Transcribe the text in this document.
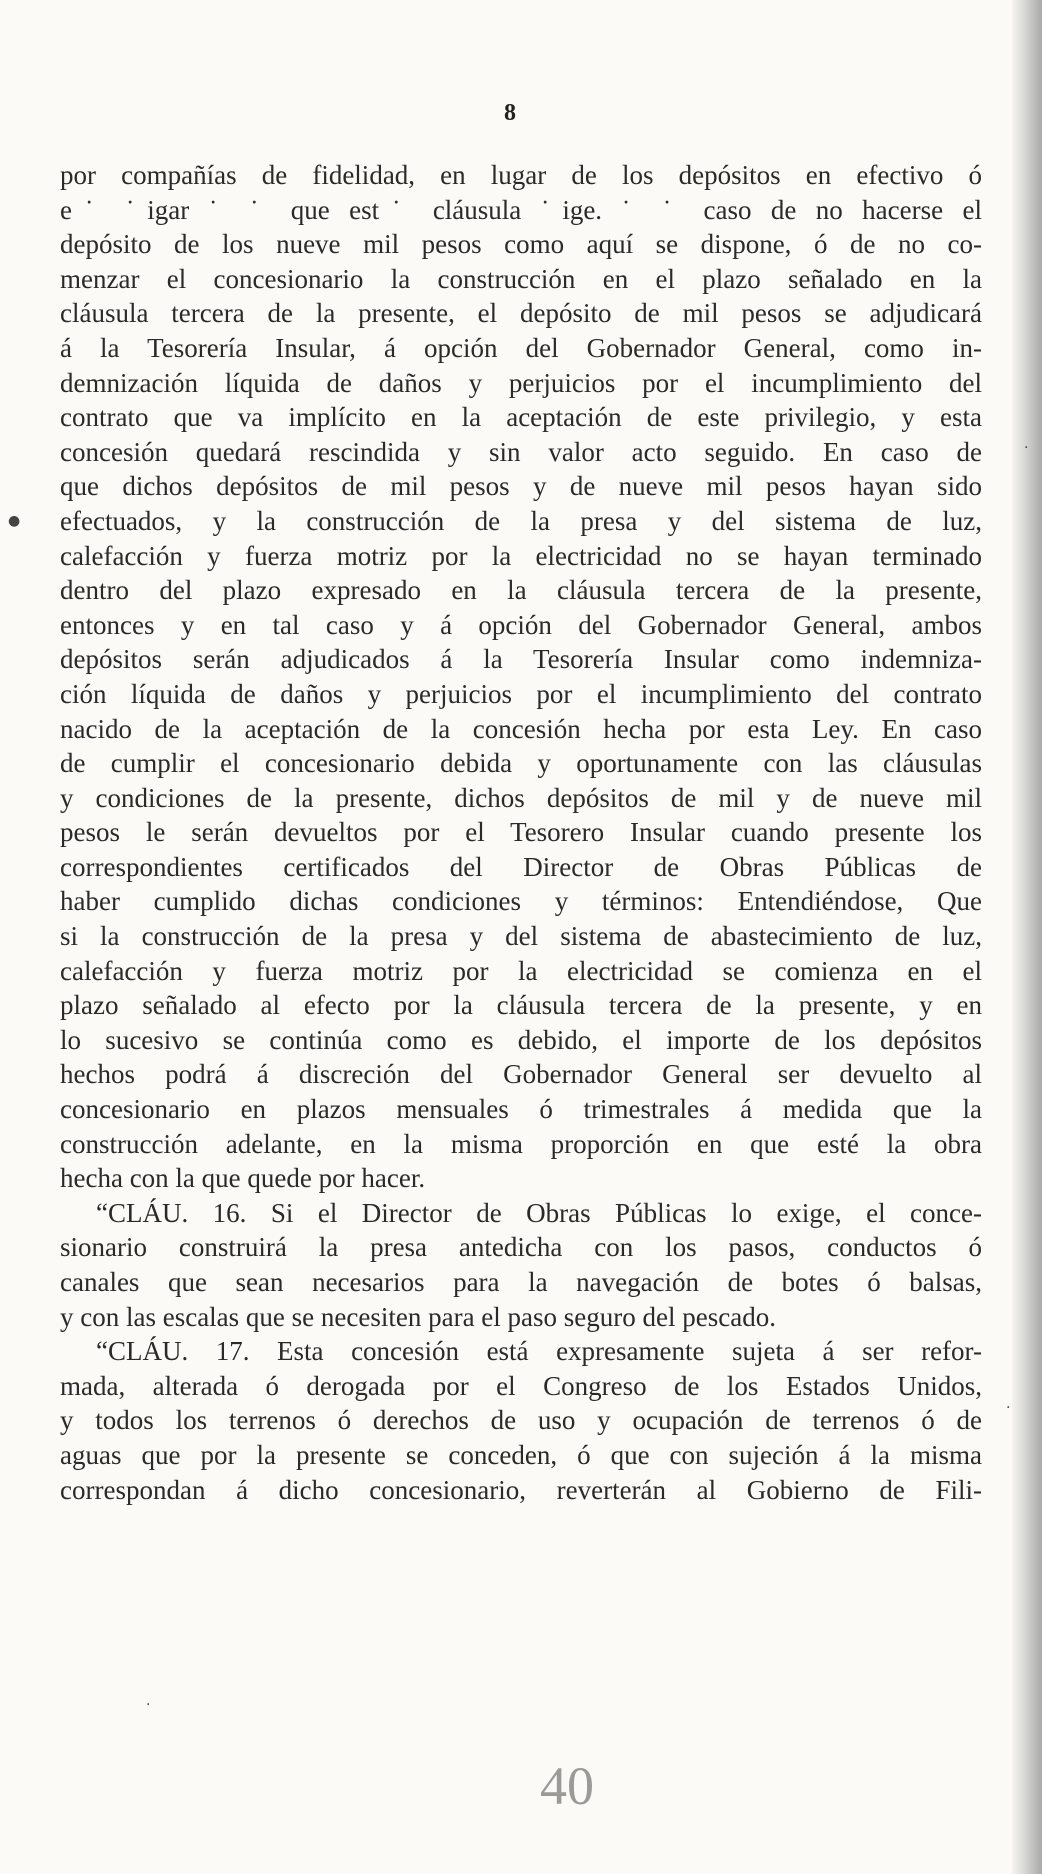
8
por compañías de fidelidad, en lugar de los depósitos en efectivo ó
e˙ ˙igar ˙ ˙ que est˙ cláusula ˙ige. ˙ ˙ caso de no hacerse el
depósito de los nueve mil pesos como aquí se dispone, ó de no co-
menzar el concesionario la construcción en el plazo señalado en la
cláusula tercera de la presente, el depósito de mil pesos se adjudicará
á la Tesorería Insular, á opción del Gobernador General, como in-
demnización líquida de daños y perjuicios por el incumplimiento del
contrato que va implícito en la aceptación de este privilegio, y esta
concesión quedará rescindida y sin valor acto seguido. En caso de
que dichos depósitos de mil pesos y de nueve mil pesos hayan sido
efectuados, y la construcción de la presa y del sistema de luz,
calefacción y fuerza motriz por la electricidad no se hayan terminado
dentro del plazo expresado en la cláusula tercera de la presente,
entonces y en tal caso y á opción del Gobernador General, ambos
depósitos serán adjudicados á la Tesorería Insular como indemniza-
ción líquida de daños y perjuicios por el incumplimiento del contrato
nacido de la aceptación de la concesión hecha por esta Ley. En caso
de cumplir el concesionario debida y oportunamente con las cláusulas
y condiciones de la presente, dichos depósitos de mil y de nueve mil
pesos le serán devueltos por el Tesorero Insular cuando presente los
correspondientes certificados del Director de Obras Públicas de
haber cumplido dichas condiciones y términos: Entendiéndose, Que
si la construcción de la presa y del sistema de abastecimiento de luz,
calefacción y fuerza motriz por la electricidad se comienza en el
plazo señalado al efecto por la cláusula tercera de la presente, y en
lo sucesivo se continúa como es debido, el importe de los depósitos
hechos podrá á discreción del Gobernador General ser devuelto al
concesionario en plazos mensuales ó trimestrales á medida que la
construcción adelante, en la misma proporción en que esté la obra
hecha con la que quede por hacer.
“CLÁU. 16. Si el Director de Obras Públicas lo exige, el conce-
sionario construirá la presa antedicha con los pasos, conductos ó
canales que sean necesarios para la navegación de botes ó balsas,
y con las escalas que se necesiten para el paso seguro del pescado.
“CLÁU. 17. Esta concesión está expresamente sujeta á ser refor-
mada, alterada ó derogada por el Congreso de los Estados Unidos,
y todos los terrenos ó derechos de uso y ocupación de terrenos ó de
aguas que por la presente se conceden, ó que con sujeción á la misma
correspondan á dicho concesionario, reverterán al Gobierno de Fili-
●
·
·
·
40
